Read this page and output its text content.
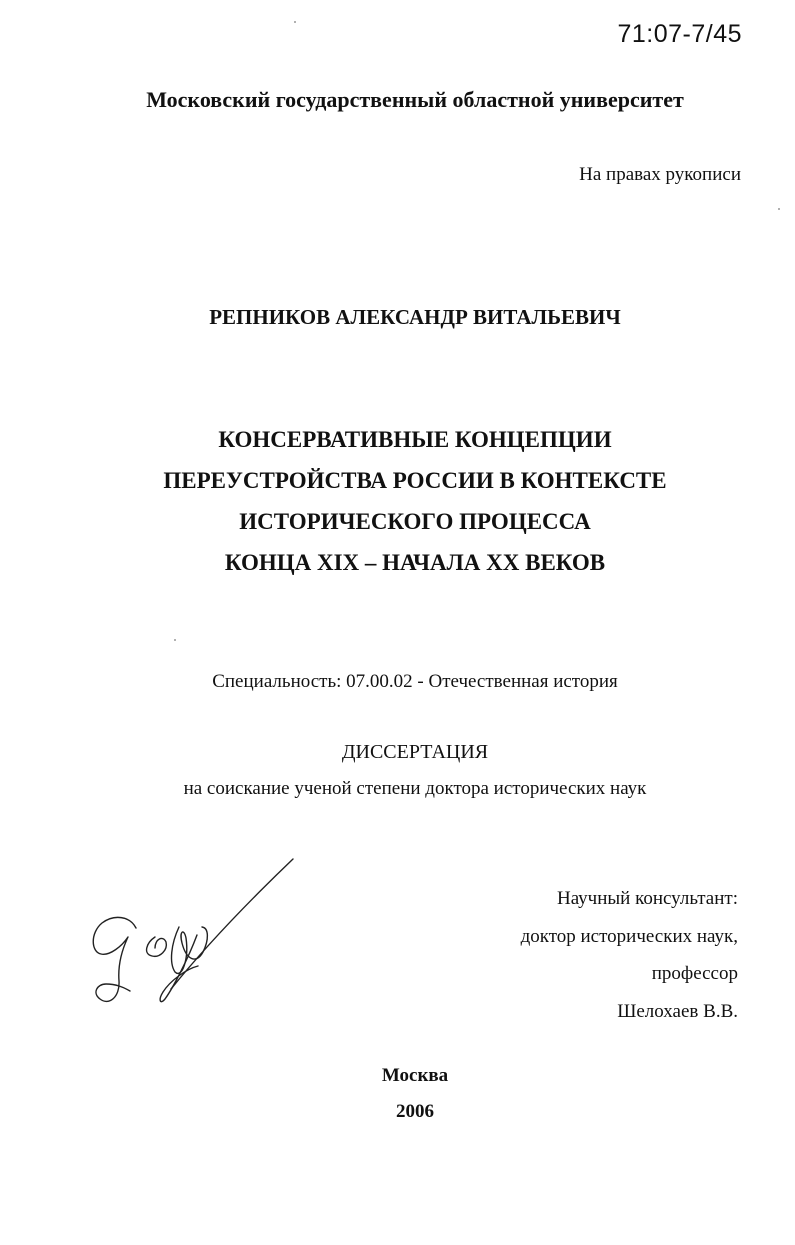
71:07-7/45
Московский государственный областной университет
На правах рукописи
РЕПНИКОВ АЛЕКСАНДР ВИТАЛЬЕВИЧ
КОНСЕРВАТИВНЫЕ КОНЦЕПЦИИ
ПЕРЕУСТРОЙСТВА РОССИИ В КОНТЕКСТЕ
ИСТОРИЧЕСКОГО ПРОЦЕССА
КОНЦА XIX – НАЧАЛА XX ВЕКОВ
Специальность: 07.00.02 - Отечественная история
ДИССЕРТАЦИЯ
на соискание ученой степени доктора исторических наук
Научный консультант:
доктор исторических наук,
профессор
Шелохаев В.В.
Москва
2006
